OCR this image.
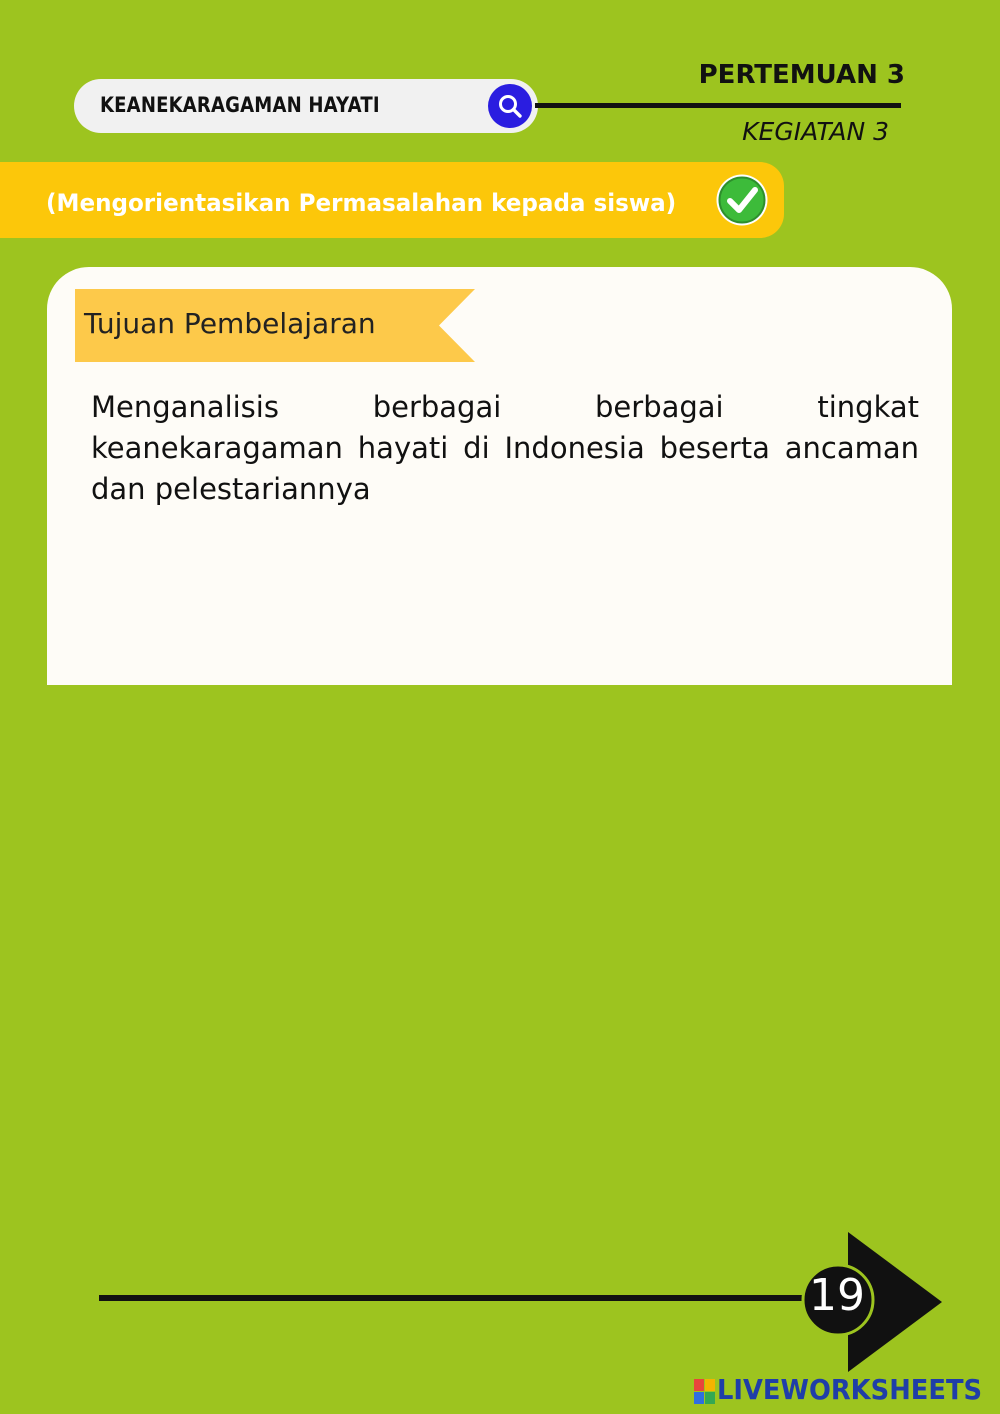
KEANEKARAGAMAN HAYATI
PERTEMUAN 3
KEGIATAN 3
(Mengorientasikan Permasalahan kepada siswa)
Tujuan Pembelajaran
Menganalisis berbagai berbagai tingkat keanekaragaman hayati di Indonesia beserta ancaman dan pelestariannya
19
LIVEWORKSHEETS
